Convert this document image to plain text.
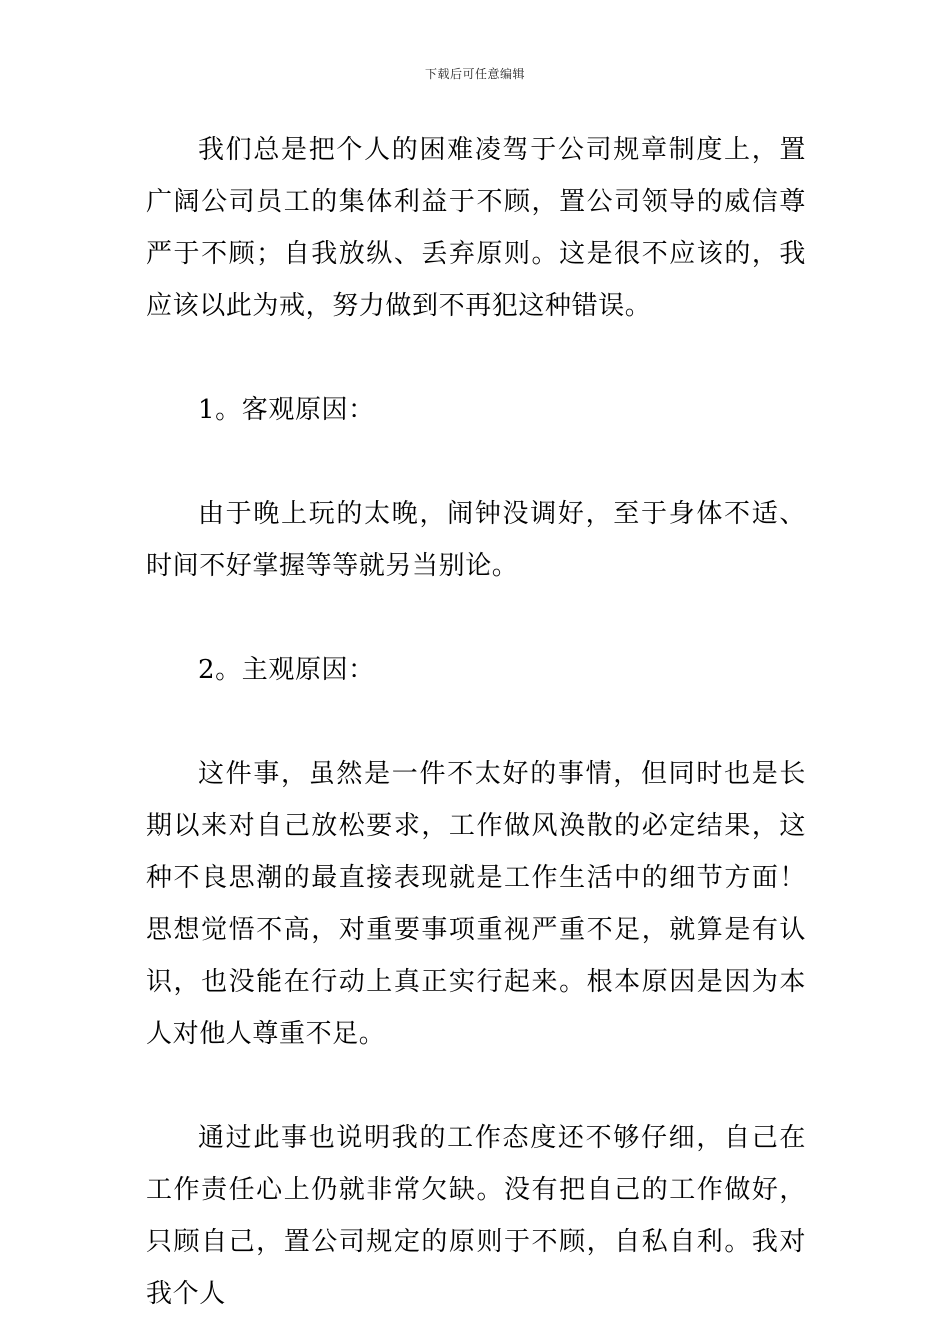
下载后可任意编辑

我们总是把个人的困难凌驾于公司规章制度上，置广阔公司员工的集体利益于不顾，置公司领导的威信尊严于不顾；自我放纵、丢弃原则。这是很不应该的，我应该以此为戒，努力做到不再犯这种错误。

1。客观原因：

由于晚上玩的太晚，闹钟没调好，至于身体不适、时间不好掌握等等就另当别论。

2。主观原因：

这件事，虽然是一件不太好的事情，但同时也是长期以来对自己放松要求，工作做风涣散的必定结果，这种不良思潮的最直接表现就是工作生活中的细节方面！思想觉悟不高，对重要事项重视严重不足，就算是有认识，也没能在行动上真正实行起来。根本原因是因为本人对他人尊重不足。

通过此事也说明我的工作态度还不够仔细，自己在工作责任心上仍就非常欠缺。没有把自己的工作做好，只顾自己，置公司规定的原则于不顾，自私自利。我对我个人
